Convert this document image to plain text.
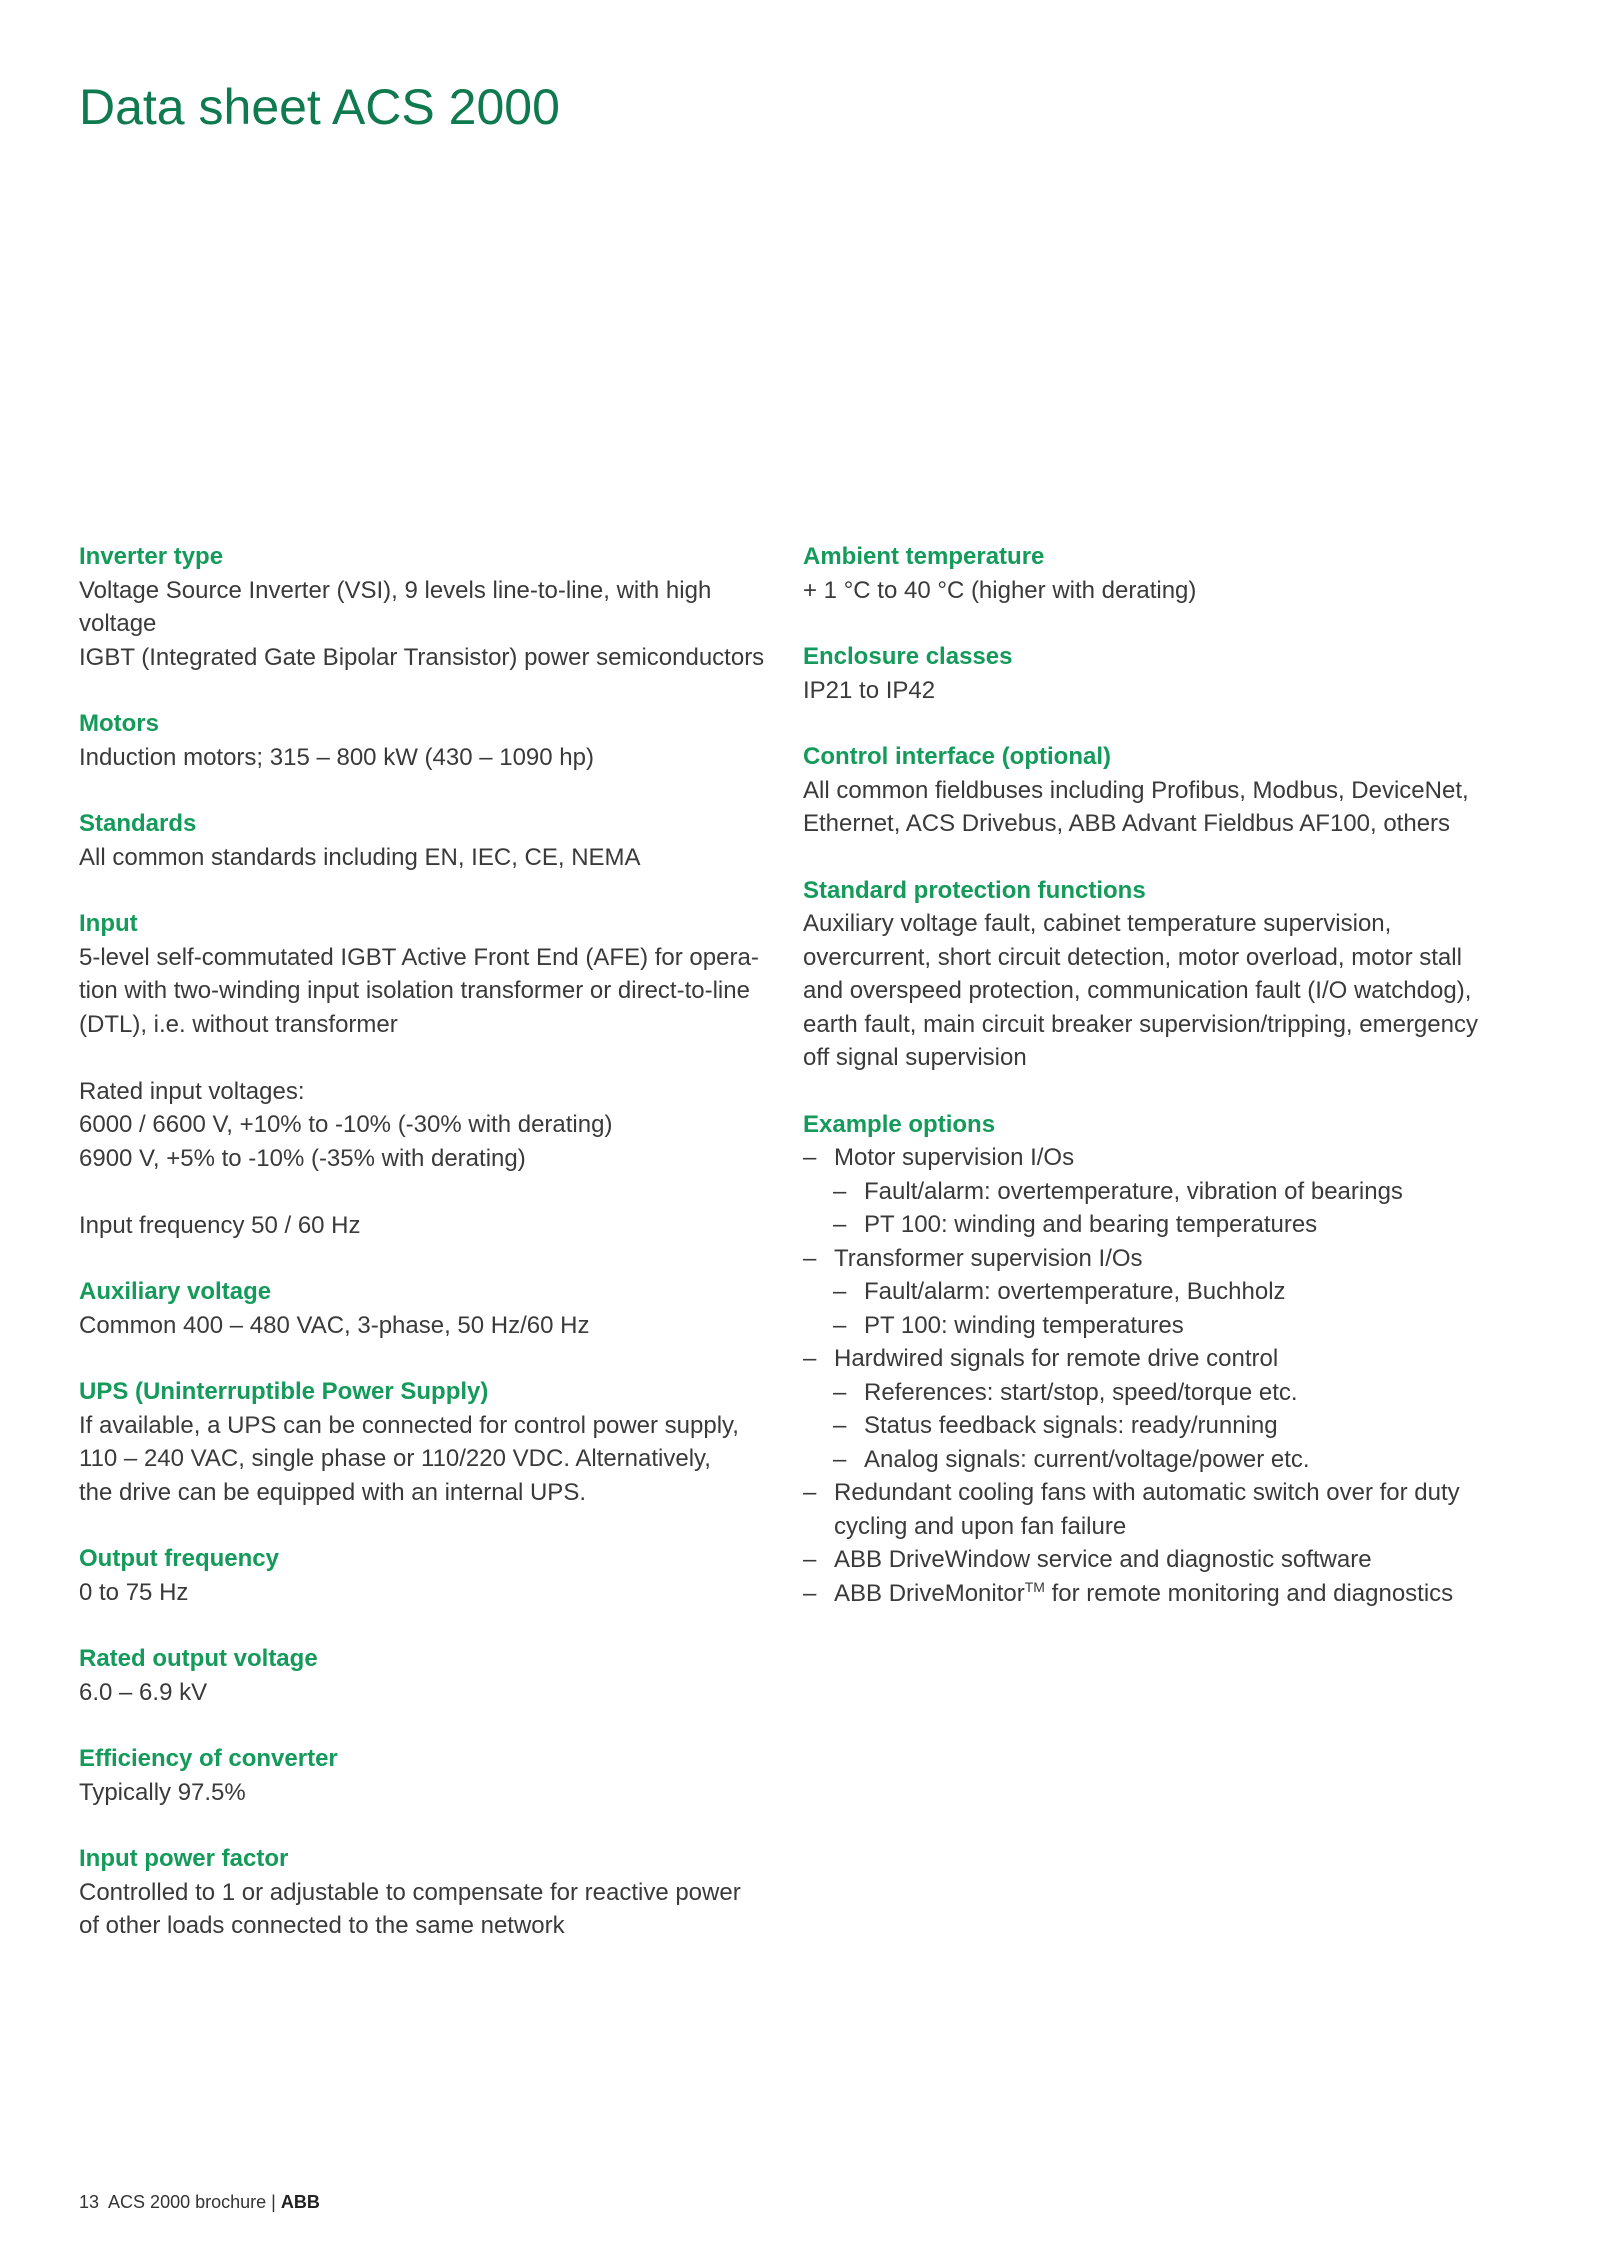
Data sheet ACS 2000
Inverter type

Voltage Source Inverter (VSI), 9 levels line-to-line, with high voltage

IGBT (Integrated Gate Bipolar Transistor) power semiconductors

Motors

Induction motors; 315 – 800 kW (430 – 1090 hp)

Standards

All common standards including EN, IEC, CE, NEMA

Input

5-level self-commutated IGBT Active Front End (AFE) for opera-

tion with two-winding input isolation transformer or direct-to-line

(DTL), i.e. without transformer

Rated input voltages:

6000 / 6600 V, +10% to -10% (-30% with derating)

6900 V, +5% to -10% (-35% with derating)

Input frequency 50 / 60 Hz

Auxiliary voltage

Common 400 – 480 VAC, 3-phase, 50 Hz/60 Hz

UPS (Uninterruptible Power Supply)

If available, a UPS can be connected for control power supply,

110 – 240 VAC, single phase or 110/220 VDC. Alternatively,

the drive can be equipped with an internal UPS.

Output frequency

0 to 75 Hz

Rated output voltage

6.0 – 6.9 kV

Efficiency of converter

Typically 97.5%

Input power factor

Controlled to 1 or adjustable to compensate for reactive power

of other loads connected to the same network

Ambient temperature

+ 1 °C to 40 °C (higher with derating)

Enclosure classes

IP21 to IP42

Control interface (optional)

All common fieldbuses including Profibus, Modbus, DeviceNet,

Ethernet, ACS Drivebus, ABB Advant Fieldbus AF100, others

Standard protection functions

Auxiliary voltage fault, cabinet temperature supervision,

overcurrent, short circuit detection, motor overload, motor stall

and overspeed protection, communication fault (I/O watchdog),

earth fault, main circuit breaker supervision/tripping, emergency

off signal supervision

Example options
– Motor supervision I/Os
– Fault/alarm: overtemperature, vibration of bearings
– PT 100: winding and bearing temperatures
– Transformer supervision I/Os
– Fault/alarm: overtemperature, Buchholz
– PT 100: winding temperatures
– Hardwired signals for remote drive control
– References: start/stop, speed/torque etc.
– Status feedback signals: ready/running
– Analog signals: current/voltage/power etc.
– Redundant cooling fans with automatic switch over for duty
cycling and upon fan failure
– ABB DriveWindow service and diagnostic software
– ABB DriveMonitor™ for remote monitoring and diagnostics
13 ACS 2000 brochure | ABB
